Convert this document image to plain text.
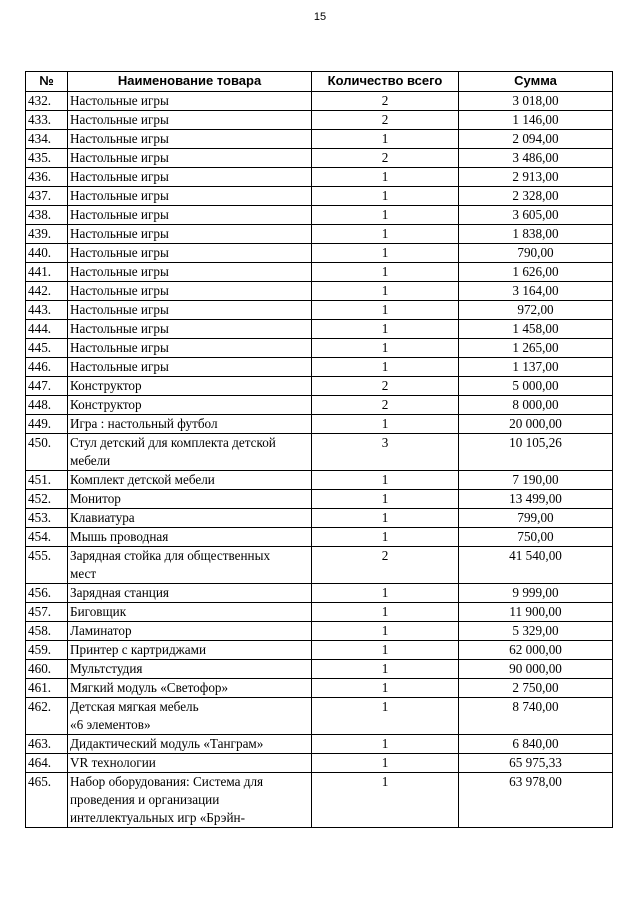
15
№	Наименование товара	Количество всего	Сумма
432.	Настольные игры	2	3 018,00
433.	Настольные игры	2	1 146,00
434.	Настольные игры	1	2 094,00
435.	Настольные игры	2	3 486,00
436.	Настольные игры	1	2 913,00
437.	Настольные игры	1	2 328,00
438.	Настольные игры	1	3 605,00
439.	Настольные игры	1	1 838,00
440.	Настольные игры	1	790,00
441.	Настольные игры	1	1 626,00
442.	Настольные игры	1	3 164,00
443.	Настольные игры	1	972,00
444.	Настольные игры	1	1 458,00
445.	Настольные игры	1	1 265,00
446.	Настольные игры	1	1 137,00
447.	Конструктор	2	5 000,00
448.	Конструктор	2	8 000,00
449.	Игра : настольный футбол	1	20 000,00
450.	Стул детский для комплекта детской
мебели	3	10 105,26
451.	Комплект детской мебели	1	7 190,00
452.	Монитор	1	13 499,00
453.	Клавиатура	1	799,00
454.	Мышь проводная	1	750,00
455.	Зарядная стойка для общественных
мест	2	41 540,00
456.	Зарядная станция	1	9 999,00
457.	Биговщик	1	11 900,00
458.	Ламинатор	1	5 329,00
459.	Принтер с картриджами	1	62 000,00
460.	Мультстудия	1	90 000,00
461.	Мягкий модуль «Светофор»	1	2 750,00
462.	Детская мягкая мебель
«6 элементов»	1	8 740,00
463.	Дидактический модуль «Танграм»	1	6 840,00
464.	VR технологии	1	65 975,33
465.	Набор оборудования: Система для
проведения и организации
интеллектуальных игр «Брэйн-	1	63 978,00
